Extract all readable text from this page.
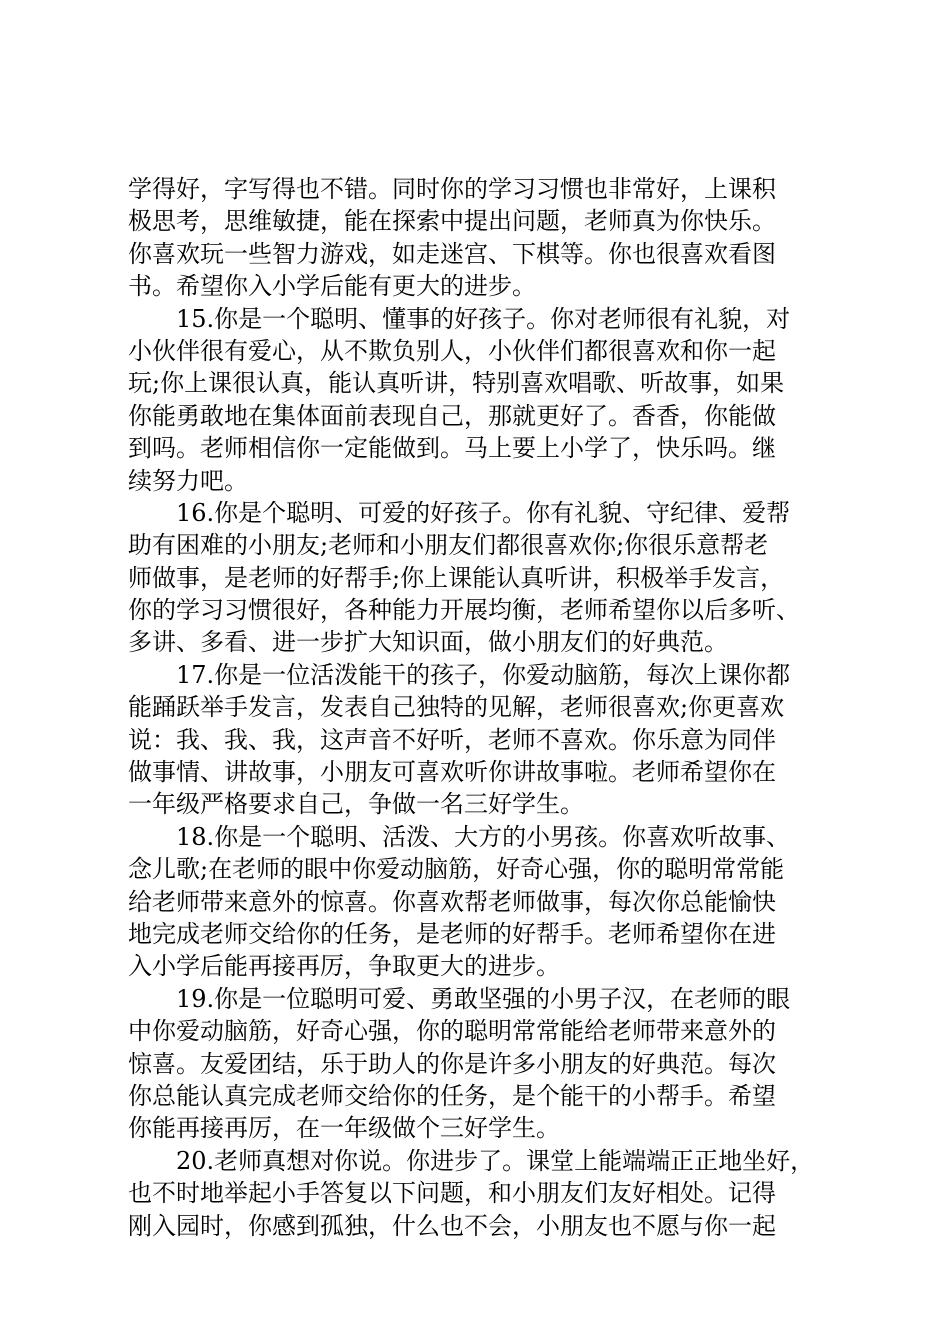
学得好，字写得也不错。同时你的学习习惯也非常好，上课积
极思考，思维敏捷，能在探索中提出问题，老师真为你快乐。
你喜欢玩一些智力游戏，如走迷宫、下棋等。你也很喜欢看图
书。希望你入小学后能有更大的进步。
15.你是一个聪明、懂事的好孩子。你对老师很有礼貌，对
小伙伴很有爱心，从不欺负别人，小伙伴们都很喜欢和你一起
玩;你上课很认真，能认真听讲，特别喜欢唱歌、听故事，如果
你能勇敢地在集体面前表现自己，那就更好了。香香，你能做
到吗。老师相信你一定能做到。马上要上小学了，快乐吗。继
续努力吧。
16.你是个聪明、可爱的好孩子。你有礼貌、守纪律、爱帮
助有困难的小朋友;老师和小朋友们都很喜欢你;你很乐意帮老
师做事，是老师的好帮手;你上课能认真听讲，积极举手发言，
你的学习习惯很好，各种能力开展均衡，老师希望你以后多听、
多讲、多看、进一步扩大知识面，做小朋友们的好典范。
17.你是一位活泼能干的孩子，你爱动脑筋，每次上课你都
能踊跃举手发言，发表自己独特的见解，老师很喜欢;你更喜欢
说：我、我、我，这声音不好听，老师不喜欢。你乐意为同伴
做事情、讲故事，小朋友可喜欢听你讲故事啦。老师希望你在
一年级严格要求自己，争做一名三好学生。
18.你是一个聪明、活泼、大方的小男孩。你喜欢听故事、
念儿歌;在老师的眼中你爱动脑筋，好奇心强，你的聪明常常能
给老师带来意外的惊喜。你喜欢帮老师做事，每次你总能愉快
地完成老师交给你的任务，是老师的好帮手。老师希望你在进
入小学后能再接再厉，争取更大的进步。
19.你是一位聪明可爱、勇敢坚强的小男子汉，在老师的眼
中你爱动脑筋，好奇心强，你的聪明常常能给老师带来意外的
惊喜。友爱团结，乐于助人的你是许多小朋友的好典范。每次
你总能认真完成老师交给你的任务，是个能干的小帮手。希望
你能再接再厉，在一年级做个三好学生。
20.老师真想对你说。你进步了。课堂上能端端正正地坐好，
也不时地举起小手答复以下问题，和小朋友们友好相处。记得
刚入园时，你感到孤独，什么也不会，小朋友也不愿与你一起
